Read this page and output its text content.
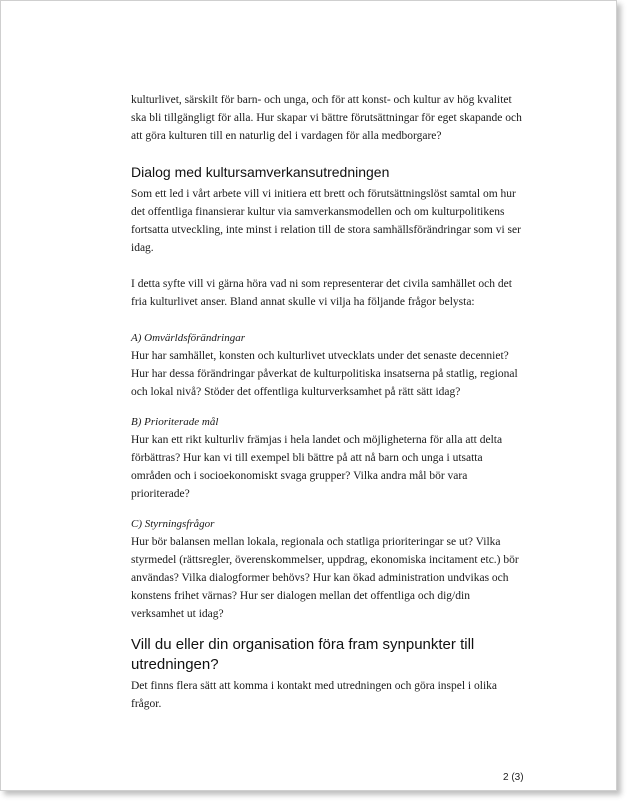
kulturlivet, särskilt för barn- och unga, och för att konst- och kultur av hög kvalitet ska bli tillgängligt för alla. Hur skapar vi bättre förutsättningar för eget skapande och att göra kulturen till en naturlig del i vardagen för alla medborgare?

Dialog med kultursamverkansutredningen

Som ett led i vårt arbete vill vi initiera ett brett och förutsättningslöst samtal om hur det offentliga finansierar kultur via samverkansmodellen och om kulturpolitikens fortsatta utveckling, inte minst i relation till de stora samhällsförändringar som vi ser idag.

I detta syfte vill vi gärna höra vad ni som representerar det civila samhället och det fria kulturlivet anser. Bland annat skulle vi vilja ha följande frågor belysta:

A) Omvärldsförändringar
Hur har samhället, konsten och kulturlivet utvecklats under det senaste decenniet? Hur har dessa förändringar påverkat de kulturpolitiska insatserna på statlig, regional och lokal nivå? Stöder det offentliga kulturverksamhet på rätt sätt idag?
B) Prioriterade mål
Hur kan ett rikt kulturliv främjas i hela landet och möjligheterna för alla att delta förbättras? Hur kan vi till exempel bli bättre på att nå barn och unga i utsatta områden och i socioekonomiskt svaga grupper? Vilka andra mål bör vara prioriterade?
C) Styrningsfrågor
Hur bör balansen mellan lokala, regionala och statliga prioriteringar se ut? Vilka styrmedel (rättsregler, överenskommelser, uppdrag, ekonomiska incitament etc.) bör användas? Vilka dialogformer behövs? Hur kan ökad administration undvikas och konstens frihet värnas? Hur ser dialogen mellan det offentliga och dig/din verksamhet ut idag?
Vill du eller din organisation föra fram synpunkter till utredningen?

Det finns flera sätt att komma i kontakt med utredningen och göra inspel i olika frågor.

2 (3)
